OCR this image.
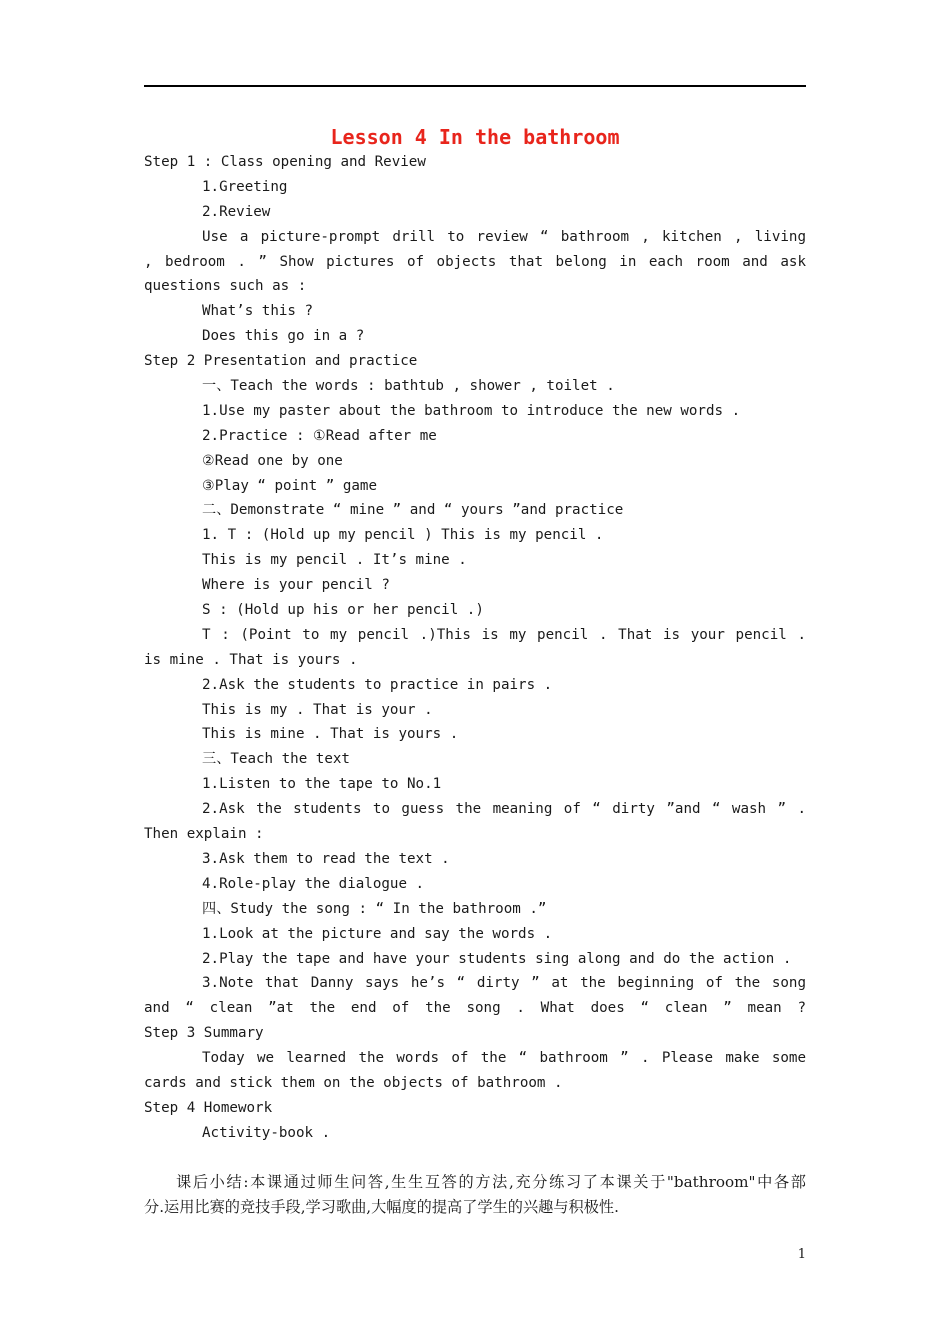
Lesson 4 In the bathroom
Step 1 : Class opening and Review
1.Greeting
2.Review
Use a picture-prompt drill to review “ bathroom , kitchen , living
, bedroom . ” Show pictures of objects that belong in each room and ask
questions such as :
What’s this ?
Does this go in a ?
Step 2 Presentation and practice
一、Teach the words : bathtub , shower , toilet .
1.Use my paster about the bathroom to introduce the new words .
2.Practice : ①Read after me
②Read one by one
③Play “ point ” game
二、Demonstrate “ mine ” and “ yours ”and practice
1. T : (Hold up my pencil ) This is my pencil .
This is my pencil . It’s mine .
Where is your pencil ?
S : (Hold up his or her pencil .)
T : (Point to my pencil .)This is my pencil . That is your pencil .
is mine . That is yours .
2.Ask the students to practice in pairs .
This is my . That is your .
This is mine . That is yours .
三、Teach the text
1.Listen to the tape to No.1
2.Ask the students to guess the meaning of “ dirty ”and “ wash ” .
Then explain :
3.Ask them to read the text .
4.Role-play the dialogue .
四、Study the song : “ In the bathroom .”
1.Look at the picture and say the words .
2.Play the tape and have your students sing along and do the action .
3.Note that Danny says he’s “ dirty ” at the beginning of the song
and “ clean ”at the end of the song . What does “ clean ” mean ?
Step 3 Summary
Today we learned the words of the “ bathroom ” . Please make some
cards and stick them on the objects of bathroom .
Step 4 Homework
Activity-book .
课后小结:本课通过师生问答,生生互答的方法,充分练习了本课关于"bathroom"中各部
分.运用比赛的竞技手段,学习歌曲,大幅度的提高了学生的兴趣与积极性.
1
